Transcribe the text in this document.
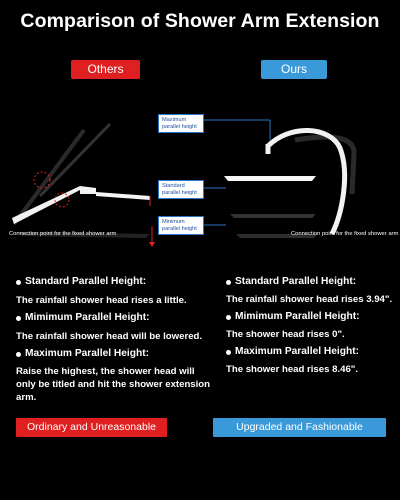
Comparison of Shower Arm Extension
Others	Ours
Maximum parallel height
Standard parallel height
Minimum parallel height
Connection point for the fixed shower arm	Connection point for the fixed shower arm
Standard Parallel Height:
The rainfall shower head rises a little.
Mimimum Parallel Height:
The rainfall shower head will be lowered.
Maximum Parallel Height:
Raise the highest, the shower head will only be titled and hit the shower extension arm.
Standard Parallel Height:
The rainfall shower head rises 3.94".
Mimimum Parallel Height:
The shower head rises 0".
Maximum Parallel Height:
The shower head rises 8.46".
Ordinary and Unreasonable	Upgraded and Fashionable
